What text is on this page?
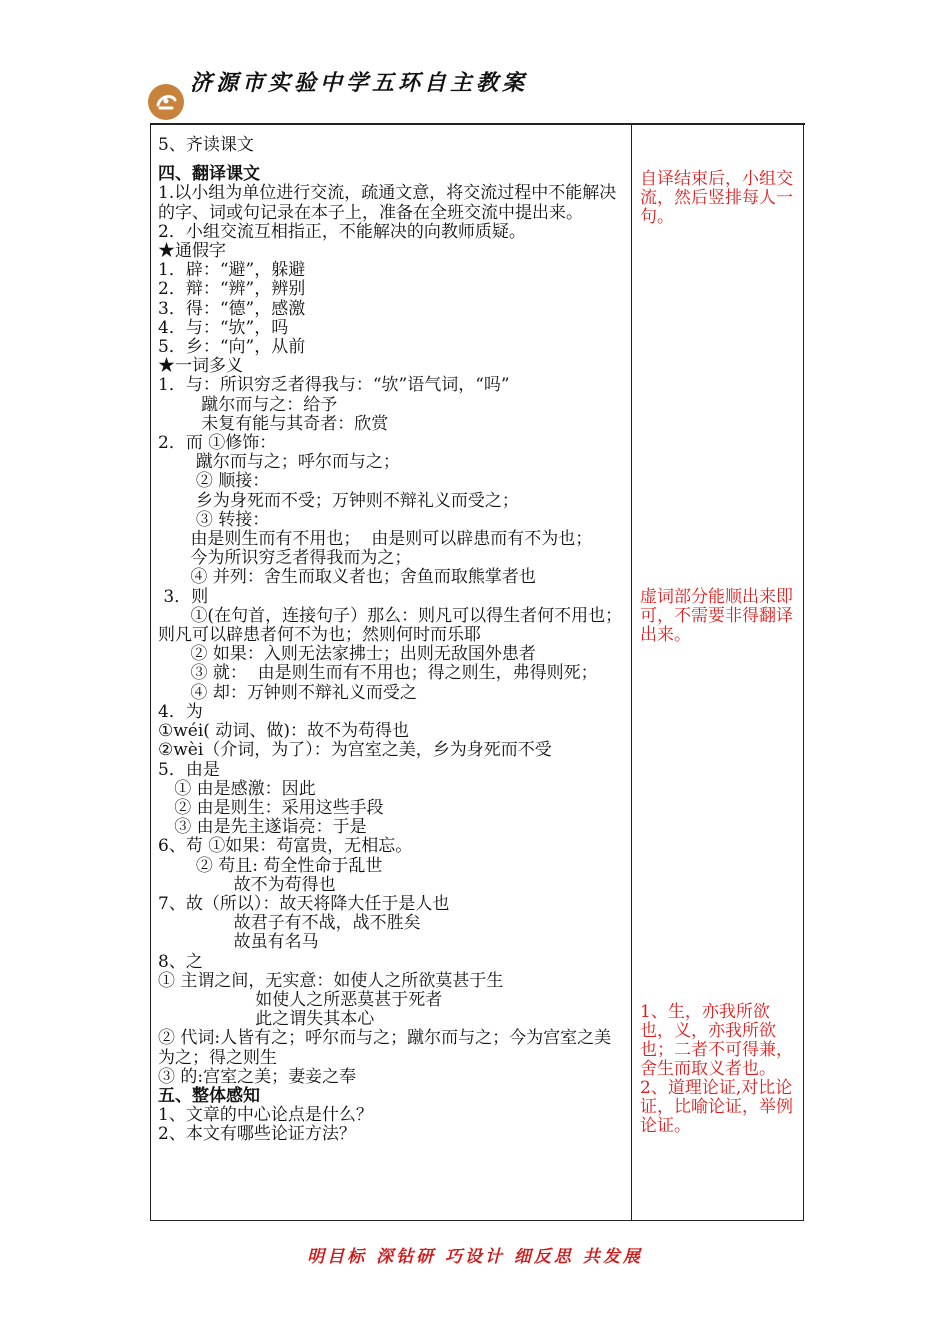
济源市实验中学五环自主教案
5、齐读课文
四、翻译课文
1.以小组为单位进行交流，疏通文意，将交流过程中不能解决的字、词或句记录在本子上，准备在全班交流中提出来。
2．小组交流互相指正，不能解决的向教师质疑。
★通假字
1．辟：“避”，躲避
2．辩：“辨”，辨别
3．得：“德”，感激
4．与：“欤”，吗
5．乡：“向”，从前
★一词多义
1．与：所识穷乏者得我与：“欤”语气词，“吗”
蹴尔而与之：给予
未复有能与其奇者：欣赏
2．而 ①修饰：
蹴尔而与之；呼尔而与之；
② 顺接：
乡为身死而不受；万钟则不辩礼义而受之；
③ 转接：
由是则生而有不用也；  由是则可以辟患而有不为也；
今为所识穷乏者得我而为之；
④ 并列：舍生而取义者也；舍鱼而取熊掌者也
3．则
①(在句首，连接句子）那么：则凡可以得生者何不用也；则凡可以辟患者何不为也；然则何时而乐耶
② 如果：入则无法家拂士；出则无敌国外患者
③ 就：  由是则生而有不用也；得之则生，弗得则死；
④ 却：万钟则不辩礼义而受之
4．为
①wéi( 动词、做)：故不为苟得也
②wèi（介词，为了）：为宫室之美，乡为身死而不受
5．由是
① 由是感激：因此
② 由是则生：采用这些手段
③ 由是先主遂诣亮：于是
6、苟 ①如果：苟富贵，无相忘。
② 苟且: 苟全性命于乱世
故不为苟得也
7、故（所以）：故天将降大任于是人也
故君子有不战，战不胜矣
故虽有名马
8、之
① 主谓之间，无实意：如使人之所欲莫甚于生
如使人之所恶莫甚于死者
此之谓失其本心
② 代词:人皆有之；呼尔而与之；蹴尔而与之；今为宫室之美为之；得之则生
③ 的:宫室之美；妻妾之奉
五、整体感知
1、文章的中心论点是什么？
2、本文有哪些论证方法？
自译结束后，小组交流，然后竖排每人一句。
虚词部分能顺出来即可，不需要非得翻译出来。
1、生，亦我所欲也，义，亦我所欲也；二者不可得兼，舍生而取义者也。
2、道理论证,对比论证，比喻论证，举例论证。
明目标 深钻研 巧设计 细反思 共发展
